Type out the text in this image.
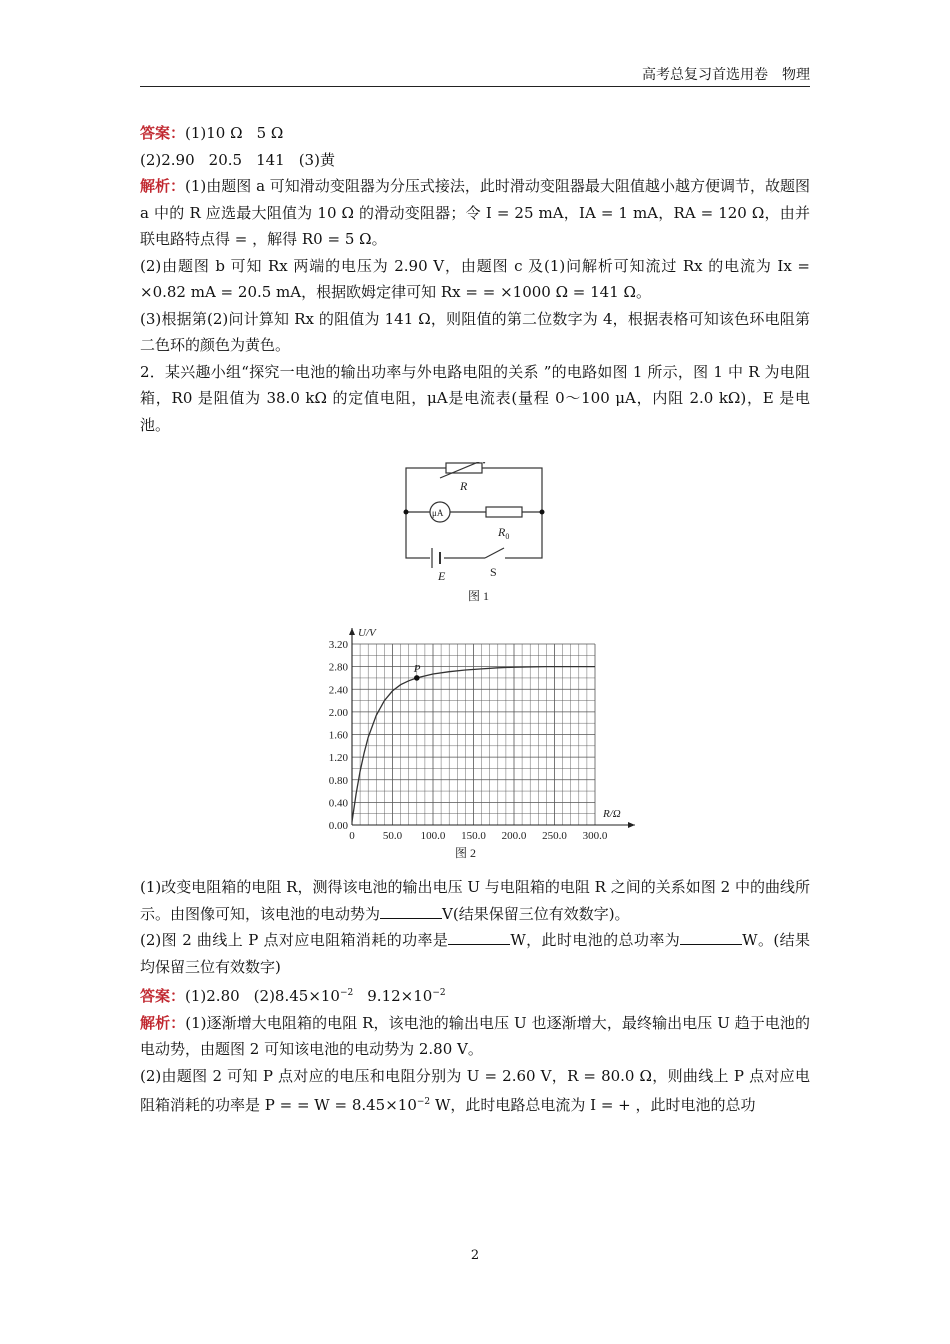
高考总复习首选用卷　物理

答案：(1)10 Ω 5 Ω

(2)2.90 20.5 141 (3)黄

解析：(1)由题图 a 可知滑动变阻器为分压式接法，此时滑动变阻器最大阻值越小越方便调节，故题图 a 中的 R 应选最大阻值为 10 Ω 的滑动变阻器；令 I = 25 mA，IA = 1 mA，RA = 120 Ω，由并联电路特点得 = ，解得 R0 = 5 Ω。

(2)由题图 b 可知 Rx 两端的电压为 2.90 V，由题图 c 及(1)问解析可知流过 Rx 的电流为 Ix = ×0.82 mA = 20.5 mA，根据欧姆定律可知 Rx = = ×1000 Ω = 141 Ω。

(3)根据第(2)问计算知 Rx 的阻值为 141 Ω，则阻值的第二位数字为 4，根据表格可知该色环电阻第二色环的颜色为黄色。

2．某兴趣小组“探究一电池的输出功率与外电路电阻的关系 ”的电路如图 1 所示，图 1 中 R 为电阻箱，R0 是阻值为 38.0 kΩ 的定值电阻，μA是电流表(量程 0～100 μA，内阻 2.0 kΩ)，E 是电池。

R
μA
$R_0$
E	S
图 1
0	50.0 100.0 150.0 200.0 250.0 300.0
0.00
0.40
0.80
1.20
1.60
2.00
2.40
2.80
3.20
U/V
R/Ω
P
图 2

(1)改变电阻箱的电阻 R，测得该电池的输出电压 U 与电阻箱的电阻 R 之间的关系如图 2 中的曲线所示。由图像可知，该电池的电动势为	V(结果保留三位有效数字)。

(2)图 2 曲线上 P 点对应电阻箱消耗的功率是	W，此时电池的总功率为	W。(结果均保留三位有效数字)

答案：(1)2.80 $(2)8.45\times 10^{-2}$ $9.12\times 10^{-2}$

解析：(1)逐渐增大电阻箱的电阻 R，该电池的输出电压 U 也逐渐增大，最终输出电压 U 趋于电池的电动势，由题图 2 可知该电池的电动势为 2.80 V。

(2)由题图 2 可知 P 点对应的电压和电阻分别为 U = 2.60 V，R = 80.0 Ω，则曲线上 P 点对应电阻箱消耗的功率是 P = = $W = 8.45\times 10^{-2}$ W，此时电路总电流为 I = + ，此时电池的总功

2
